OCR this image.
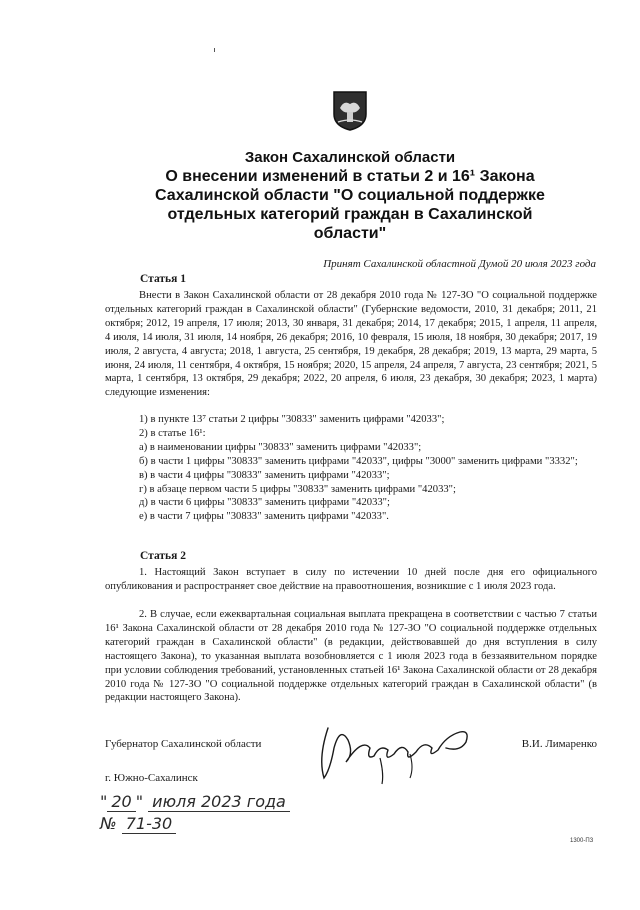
Закон Сахалинской области
О внесении изменений в статьи 2 и 16¹ Закона
Сахалинской области "О социальной поддержке
отдельных категорий граждан в Сахалинской
области"
Принят Сахалинской областной Думой 20 июля 2023 года
Статья 1
Внести в Закон Сахалинской области от 28 декабря 2010 года № 127-ЗО "О социальной поддержке отдельных категорий граждан в Сахалинской области" (Губернские ведомости, 2010, 31 декабря; 2011, 21 октября; 2012, 19 апреля, 17 июля; 2013, 30 января, 31 декабря; 2014, 17 декабря; 2015, 1 апреля, 11 апреля, 4 июля, 14 июля, 31 июля, 14 ноября, 26 декабря; 2016, 10 февраля, 15 июля, 18 ноября, 30 декабря; 2017, 19 июля, 2 августа, 4 августа; 2018, 1 августа, 25 сентября, 19 декабря, 28 декабря; 2019, 13 марта, 29 марта, 5 июня, 24 июля, 11 сентября, 4 октября, 15 ноября; 2020, 15 апреля, 24 апреля, 7 августа, 23 сентября; 2021, 5 марта, 1 сентября, 13 октября, 29 декабря; 2022, 20 апреля, 6 июля, 23 декабря, 30 декабря; 2023, 1 марта) следующие изменения:
1) в пункте 13⁷ статьи 2 цифры "30833" заменить цифрами "42033";
2) в статье 16¹:
а) в наименовании цифры "30833" заменить цифрами "42033";
б) в части 1 цифры "30833" заменить цифрами "42033", цифры "3000" заменить цифрами "3332";
в) в части 4 цифры "30833" заменить цифрами "42033";
г) в абзаце первом части 5 цифры "30833" заменить цифрами "42033";
д) в части 6 цифры "30833" заменить цифрами "42033";
е) в части 7 цифры "30833" заменить цифрами "42033".
Статья 2
1. Настоящий Закон вступает в силу по истечении 10 дней после дня его официального опубликования и распространяет свое действие на правоотношения, возникшие с 1 июля 2023 года.
2. В случае, если ежеквартальная социальная выплата прекращена в соответствии с частью 7 статьи 16¹ Закона Сахалинской области от 28 декабря 2010 года № 127-ЗО "О социальной поддержке отдельных категорий граждан в Сахалинской области" (в редакции, действовавшей до дня вступления в силу настоящего Закона), то указанная выплата возобновляется с 1 июля 2023 года в беззаявительном порядке при условии соблюдения требований, установленных статьей 16¹ Закона Сахалинской области от 28 декабря 2010 года № 127-ЗО "О социальной поддержке отдельных категорий граждан в Сахалинской области" (в редакции настоящего Закона).
Губернатор Сахалинской области	В.И. Лимаренко
г. Южно-Сахалинск
" 20 " июля 2023 года
№ 71-30
1300-ПЗ
